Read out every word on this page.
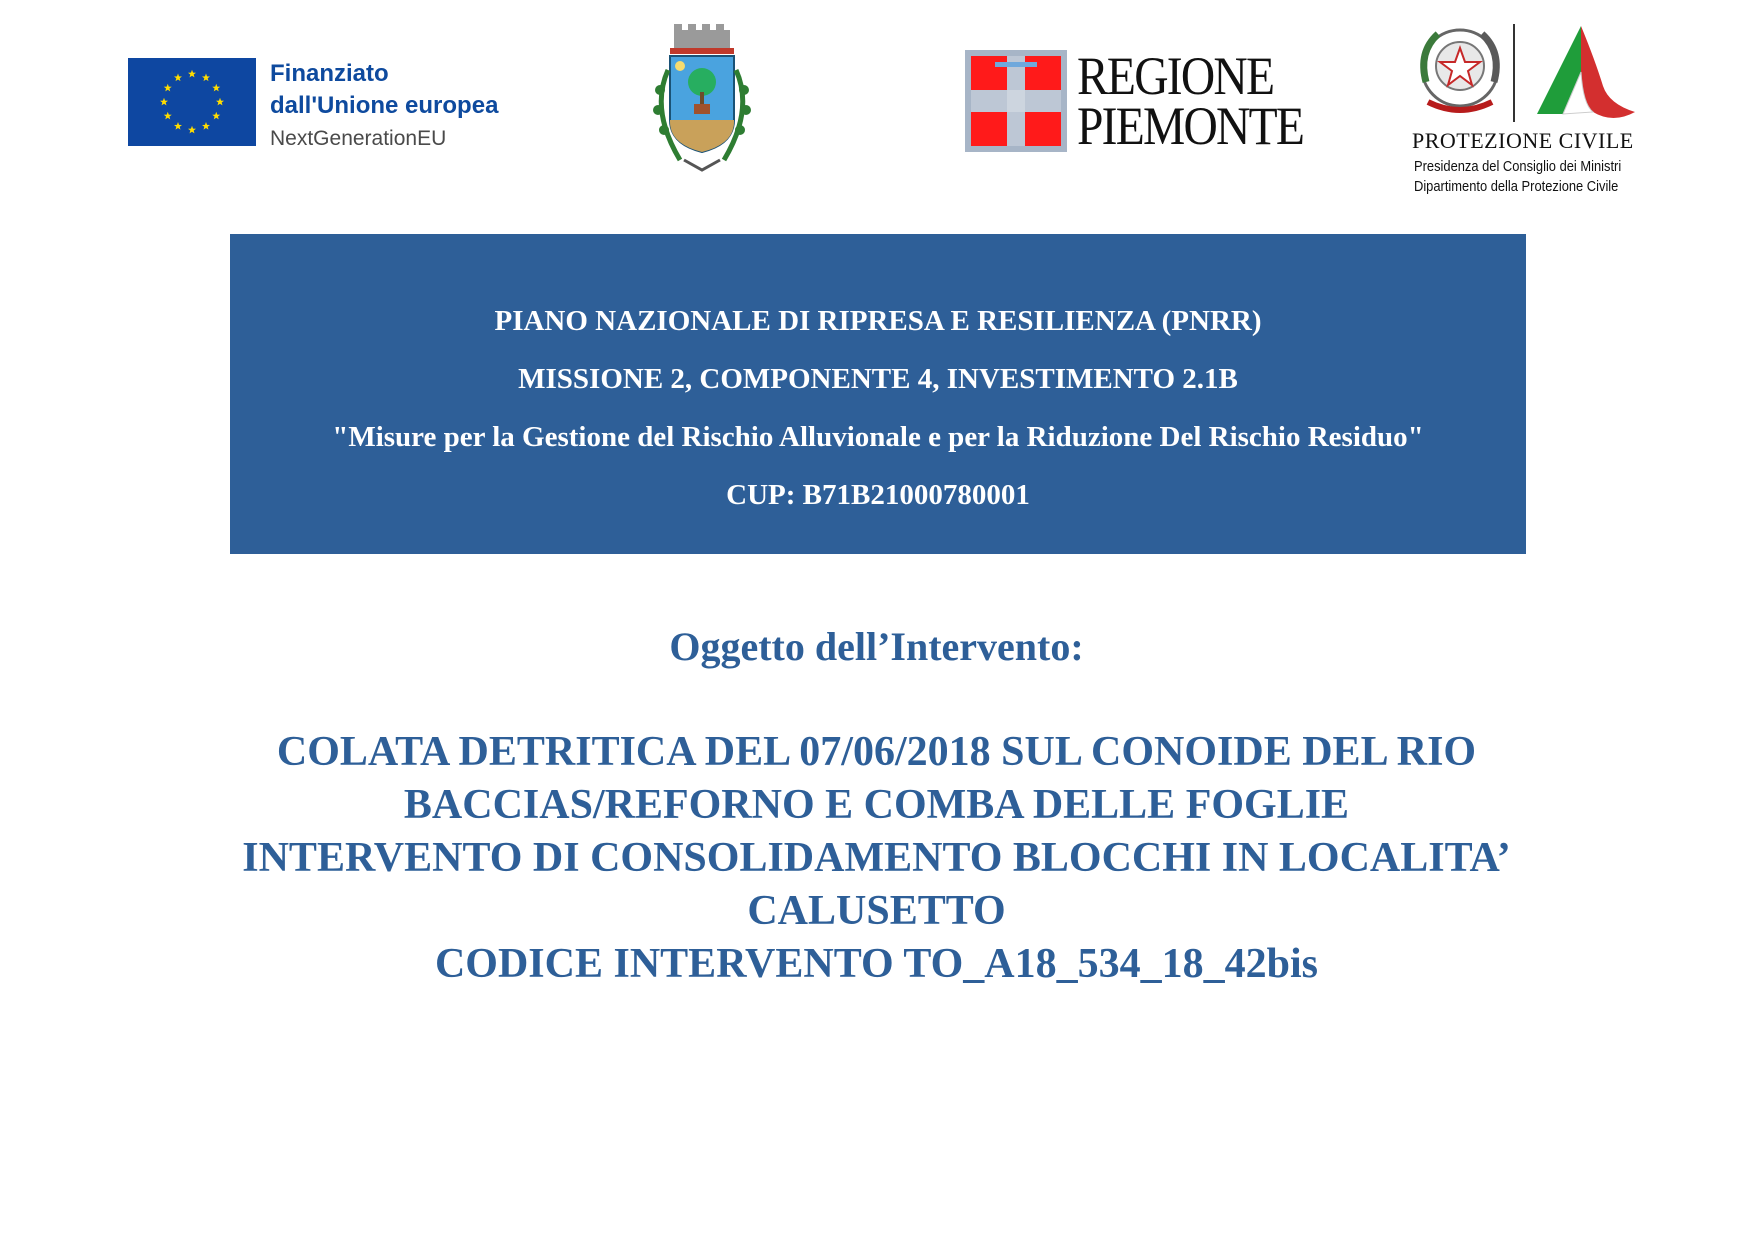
Finanziato
dall'Unione europea
NextGenerationEU
REGIONE
PIEMONTE	PROTEZIONE CIVILE
Presidenza del Consiglio dei Ministri
Dipartimento della Protezione Civile
PIANO NAZIONALE DI RIPRESA E RESILIENZA (PNRR)
MISSIONE 2, COMPONENTE 4, INVESTIMENTO 2.1B
"Misure per la Gestione del Rischio Alluvionale e per la Riduzione Del Rischio Residuo"
CUP: B71B21000780001
Oggetto dell’Intervento:
COLATA DETRITICA DEL 07/06/2018 SUL CONOIDE DEL RIO
BACCIAS/REFORNO E COMBA DELLE FOGLIE
INTERVENTO DI CONSOLIDAMENTO BLOCCHI IN LOCALITA’
CALUSETTO
CODICE INTERVENTO TO_A18_534_18_42bis
